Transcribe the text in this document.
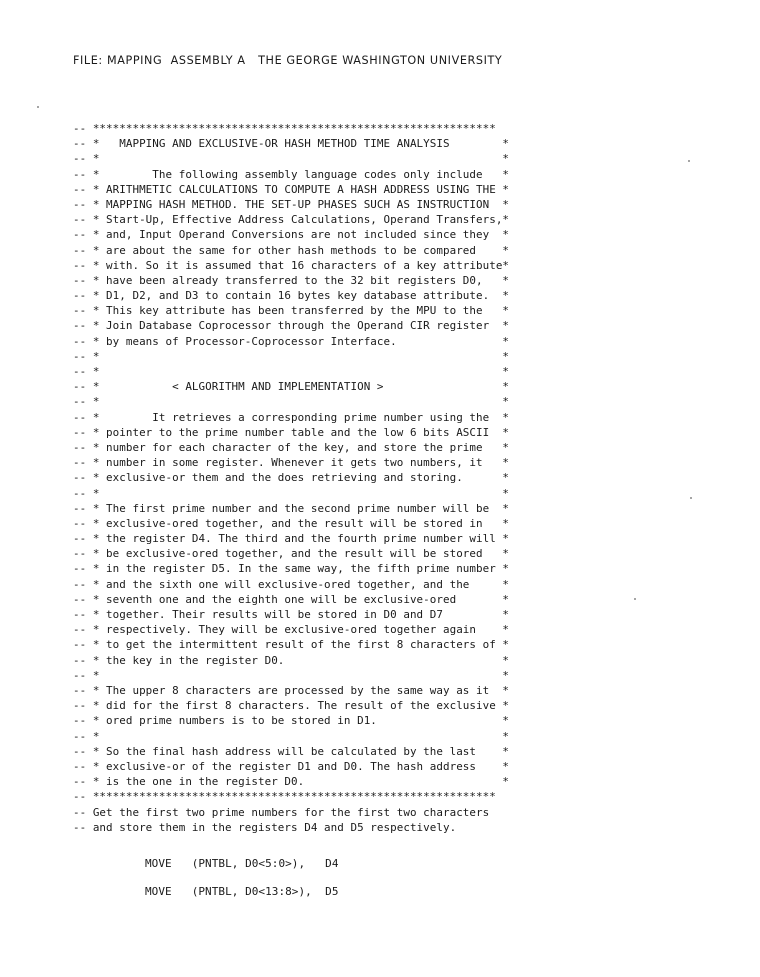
FILE: MAPPING  ASSEMBLY A   THE GEORGE WASHINGTON UNIVERSITY
-- *************************************************************
-- *   MAPPING AND EXCLUSIVE-OR HASH METHOD TIME ANALYSIS        *
-- *                                                             *
-- *        The following assembly language codes only include   *
-- * ARITHMETIC CALCULATIONS TO COMPUTE A HASH ADDRESS USING THE *
-- * MAPPING HASH METHOD. THE SET-UP PHASES SUCH AS INSTRUCTION  *
-- * Start-Up, Effective Address Calculations, Operand Transfers,*
-- * and, Input Operand Conversions are not included since they  *
-- * are about the same for other hash methods to be compared    *
-- * with. So it is assumed that 16 characters of a key attribute*
-- * have been already transferred to the 32 bit registers D0,   *
-- * D1, D2, and D3 to contain 16 bytes key database attribute.  *
-- * This key attribute has been transferred by the MPU to the   *
-- * Join Database Coprocessor through the Operand CIR register  *
-- * by means of Processor-Coprocessor Interface.                *
-- *                                                             *
-- *                                                             *
-- *           < ALGORITHM AND IMPLEMENTATION >                  *
-- *                                                             *
-- *        It retrieves a corresponding prime number using the  *
-- * pointer to the prime number table and the low 6 bits ASCII  *
-- * number for each character of the key, and store the prime   *
-- * number in some register. Whenever it gets two numbers, it   *
-- * exclusive-or them and the does retrieving and storing.      *
-- *                                                             *
-- * The first prime number and the second prime number will be  *
-- * exclusive-ored together, and the result will be stored in   *
-- * the register D4. The third and the fourth prime number will *
-- * be exclusive-ored together, and the result will be stored   *
-- * in the register D5. In the same way, the fifth prime number *
-- * and the sixth one will exclusive-ored together, and the     *
-- * seventh one and the eighth one will be exclusive-ored       *
-- * together. Their results will be stored in D0 and D7         *
-- * respectively. They will be exclusive-ored together again    *
-- * to get the intermittent result of the first 8 characters of *
-- * the key in the register D0.                                 *
-- *                                                             *
-- * The upper 8 characters are processed by the same way as it  *
-- * did for the first 8 characters. The result of the exclusive *
-- * ored prime numbers is to be stored in D1.                   *
-- *                                                             *
-- * So the final hash address will be calculated by the last    *
-- * exclusive-or of the register D1 and D0. The hash address    *
-- * is the one in the register D0.                              *
-- *************************************************************
-- Get the first two prime numbers for the first two characters
-- and store them in the registers D4 and D5 respectively.
MOVE   (PNTBL, D0<5:0>),   D4
MOVE   (PNTBL, D0<13:8>),  D5
